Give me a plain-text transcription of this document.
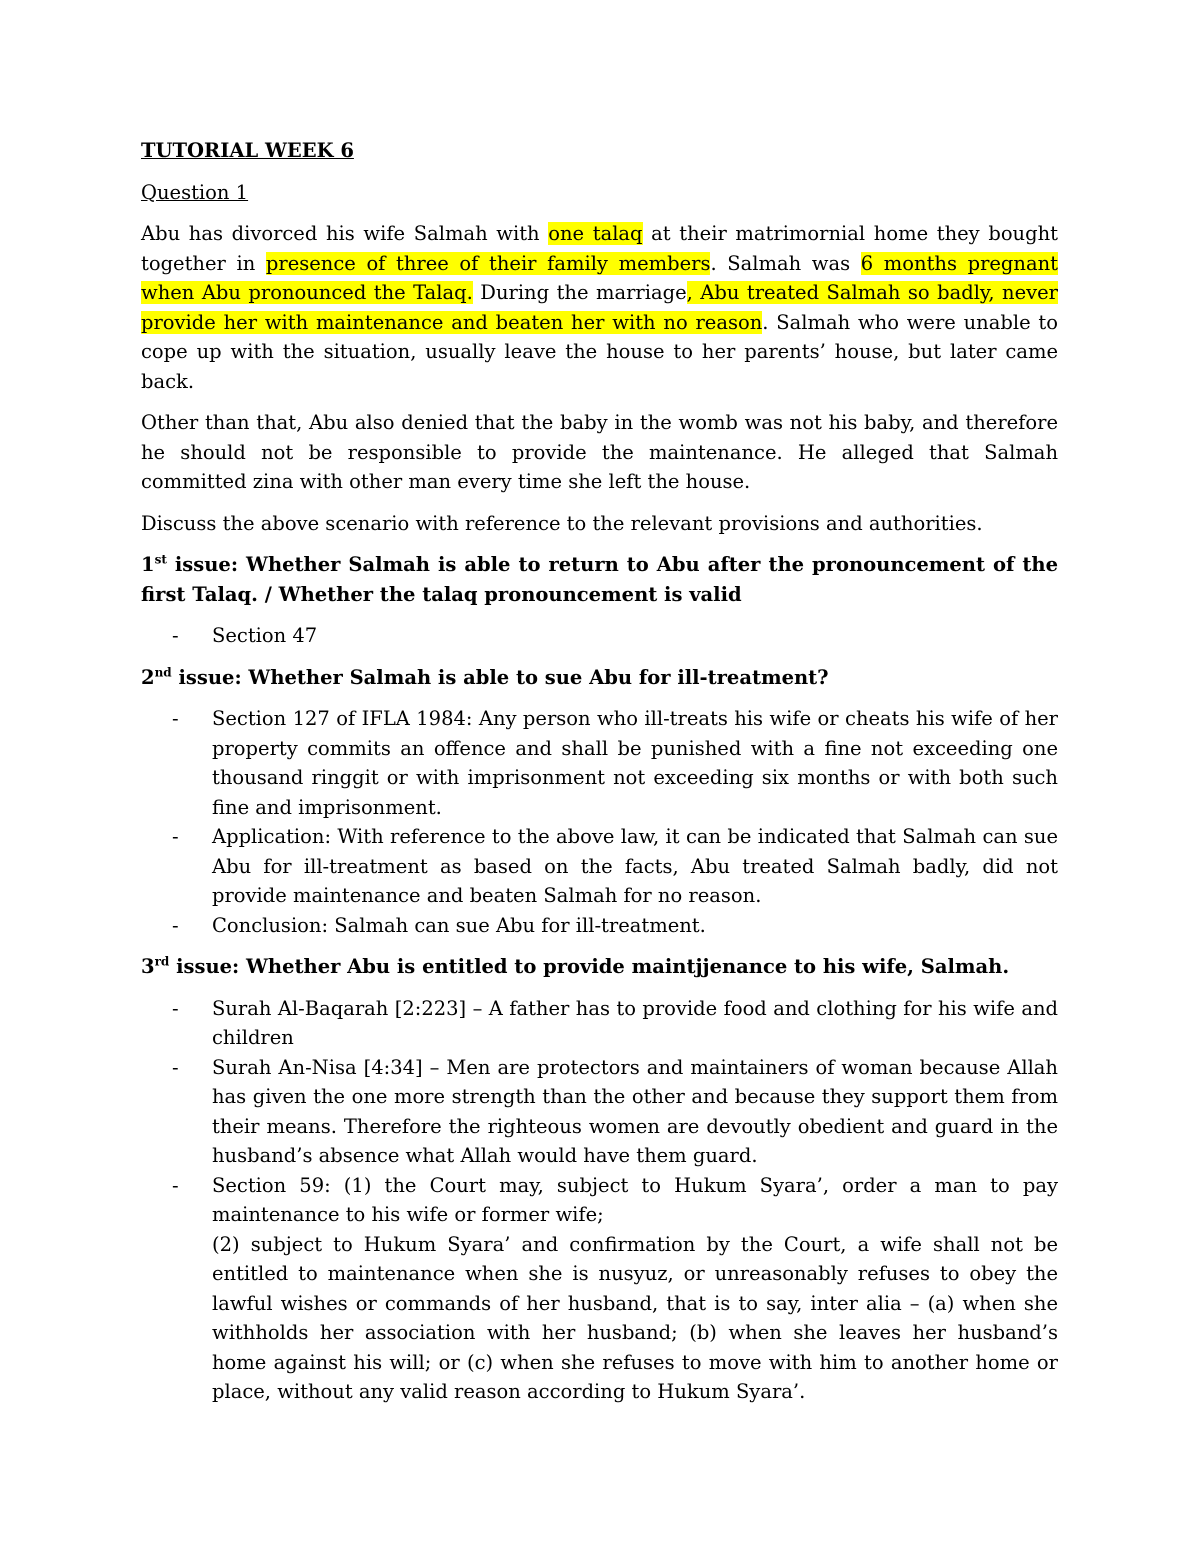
TUTORIAL WEEK 6
Question 1

Abu has divorced his wife Salmah with one talaq at their matrimornial home they bought together in presence of three of their family members. Salmah was 6 months pregnant when Abu pronounced the Talaq. During the marriage, Abu treated Salmah so badly, never provide her with maintenance and beaten her with no reason. Salmah who were unable to cope up with the situation, usually leave the house to her parents’ house, but later came back.

Other than that, Abu also denied that the baby in the womb was not his baby, and therefore he should not be responsible to provide the maintenance. He alleged that Salmah committed zina with other man every time she left the house.

Discuss the above scenario with reference to the relevant provisions and authorities.

1st issue: Whether Salmah is able to return to Abu after the pronouncement of the first Talaq. / Whether the talaq pronouncement is valid
- Section 47
2nd issue: Whether Salmah is able to sue Abu for ill-treatment?
- Section 127 of IFLA 1984: Any person who ill-treats his wife or cheats his wife of her property commits an offence and shall be punished with a fine not exceeding one thousand ringgit or with imprisonment not exceeding six months or with both such fine and imprisonment.
- Application: With reference to the above law, it can be indicated that Salmah can sue Abu for ill-treatment as based on the facts, Abu treated Salmah badly, did not provide maintenance and beaten Salmah for no reason.
- Conclusion: Salmah can sue Abu for ill-treatment.
3rd issue: Whether Abu is entitled to provide maintjjenance to his wife, Salmah.
- Surah Al-Baqarah [2:223] – A father has to provide food and clothing for his wife and children
- Surah An-Nisa [4:34] – Men are protectors and maintainers of woman because Allah has given the one more strength than the other and because they support them from their means. Therefore the righteous women are devoutly obedient and guard in the husband’s absence what Allah would have them guard.
- Section 59: (1) the Court may, subject to Hukum Syara’, order a man to pay maintenance to his wife or former wife;
(2) subject to Hukum Syara’ and confirmation by the Court, a wife shall not be entitled to maintenance when she is nusyuz, or unreasonably refuses to obey the lawful wishes or commands of her husband, that is to say, inter alia – (a) when she withholds her association with her husband; (b) when she leaves her husband’s home against his will; or (c) when she refuses to move with him to another home or place, without any valid reason according to Hukum Syara’.
